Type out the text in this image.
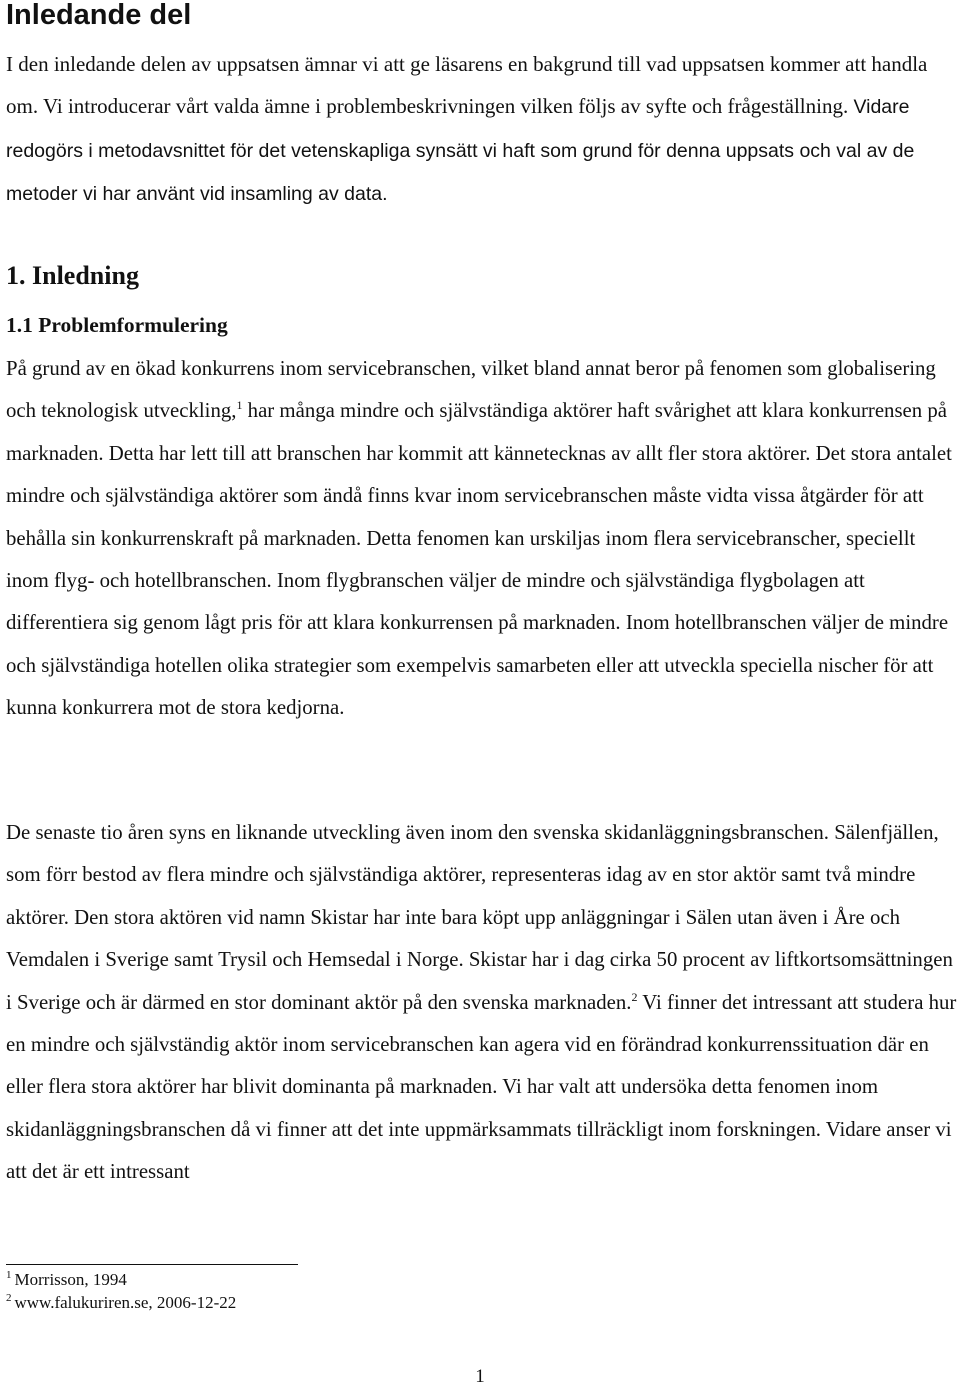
Inledande del

I den inledande delen av uppsatsen ämnar vi att ge läsarens en bakgrund till vad uppsatsen kommer att handla om. Vi introducerar vårt valda ämne i problembeskrivningen vilken följs av syfte och frågeställning. Vidare redogörs i metodavsnittet för det vetenskapliga synsätt vi haft som grund för denna uppsats och val av de metoder vi har använt vid insamling av data.

1. Inledning
1.1 Problemformulering

På grund av en ökad konkurrens inom servicebranschen, vilket bland annat beror på fenomen som globalisering och teknologisk utveckling,$^1$ har många mindre och självständiga aktörer haft svårighet att klara konkurrensen på marknaden. Detta har lett till att branschen har kommit att kännetecknas av allt fler stora aktörer. Det stora antalet mindre och självständiga aktörer som ändå finns kvar inom servicebranschen måste vidta vissa åtgärder för att behålla sin konkurrenskraft på marknaden. Detta fenomen kan urskiljas inom flera servicebranscher, speciellt inom flyg- och hotellbranschen. Inom flygbranschen väljer de mindre och självständiga flygbolagen att differentiera sig genom lågt pris för att klara konkurrensen på marknaden. Inom hotellbranschen väljer de mindre och självständiga hotellen olika strategier som exempelvis samarbeten eller att utveckla speciella nischer för att kunna konkurrera mot de stora kedjorna.

De senaste tio åren syns en liknande utveckling även inom den svenska skidanläggningsbranschen. Sälenfjällen, som förr bestod av flera mindre och självständiga aktörer, representeras idag av en stor aktör samt två mindre aktörer. Den stora aktören vid namn Skistar har inte bara köpt upp anläggningar i Sälen utan även i Åre och Vemdalen i Sverige samt Trysil och Hemsedal i Norge. Skistar har i dag cirka 50 procent av liftkortsomsättningen i Sverige och är därmed en stor dominant aktör på den svenska marknaden.$^2$ Vi finner det intressant att studera hur en mindre och självständig aktör inom servicebranschen kan agera vid en förändrad konkurrenssituation där en eller flera stora aktörer har blivit dominanta på marknaden. Vi har valt att undersöka detta fenomen inom skidanläggningsbranschen då vi finner att det inte uppmärksammats tillräckligt inom forskningen. Vidare anser vi att det är ett intressant

$^1$ Morrisson, 1994
$^2$ www.falukuriren.se, 2006-12-22
1
